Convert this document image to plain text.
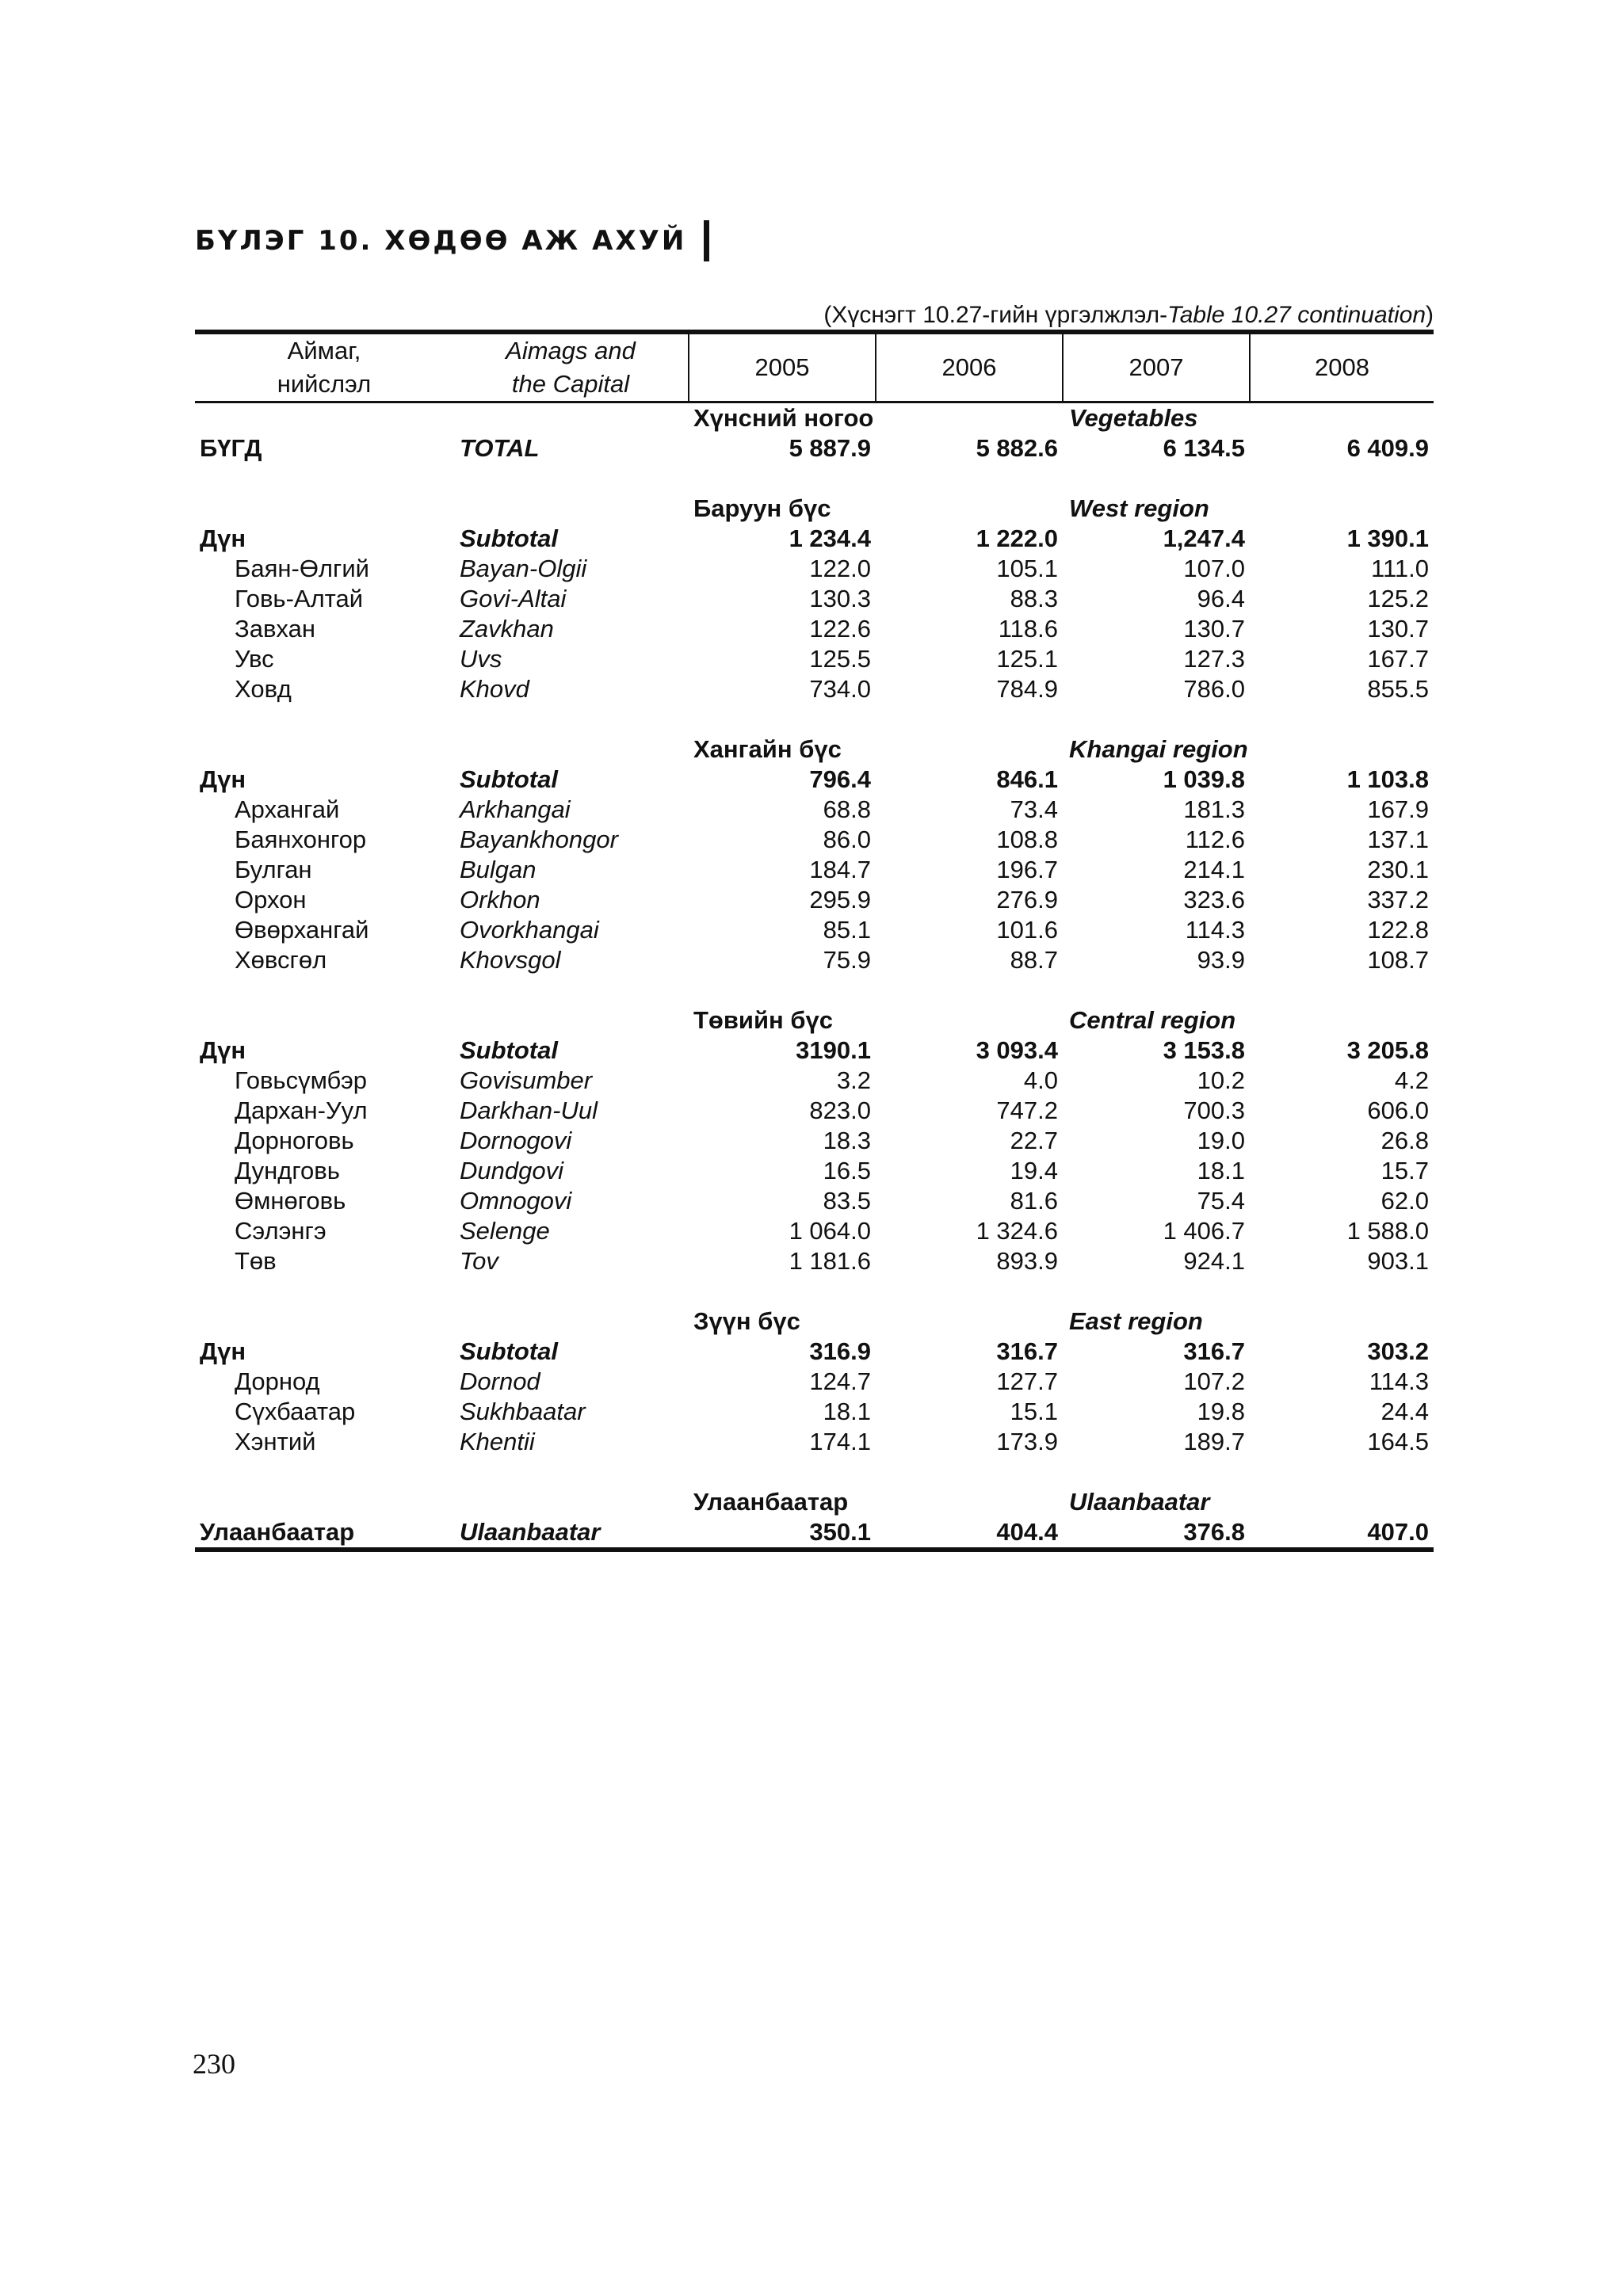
БҮЛЭГ 10. ХӨДӨӨ АЖ АХУЙ
(Хүснэгт 10.27-гийн үргэлжлэл-Table 10.27 continuation)
Аймаг,
нийслэл	Aimags and
the Capital	2005	2006	2007	2008

		Хүнсний ногоо		Vegetables	
БҮГД	TOTAL	5 887.9	5 882.6	6 134.5	6 409.9

		Баруун бүс		West region	
Дүн	Subtotal	1 234.4	1 222.0	1,247.4	1 390.1
Баян-Өлгий	Bayan-Olgii	122.0	105.1	107.0	111.0
Говь-Алтай	Govi-Altai	130.3	88.3	96.4	125.2
Завхан	Zavkhan	122.6	118.6	130.7	130.7
Увс	Uvs	125.5	125.1	127.3	167.7
Ховд	Khovd	734.0	784.9	786.0	855.5

		Хангайн бүс		Khangai region	
Дүн	Subtotal	796.4	846.1	1 039.8	1 103.8
Архангай	Arkhangai	68.8	73.4	181.3	167.9
Баянхонгор	Bayankhongor	86.0	108.8	112.6	137.1
Булган	Bulgan	184.7	196.7	214.1	230.1
Орхон	Orkhon	295.9	276.9	323.6	337.2
Өвөрхангай	Ovorkhangai	85.1	101.6	114.3	122.8
Хөвсгөл	Khovsgol	75.9	88.7	93.9	108.7

		Төвийн бүс		Central region	
Дүн	Subtotal	3190.1	3 093.4	3 153.8	3 205.8
Говьсүмбэр	Govisumber	3.2	4.0	10.2	4.2
Дархан-Уул	Darkhan-Uul	823.0	747.2	700.3	606.0
Дорноговь	Dornogovi	18.3	22.7	19.0	26.8
Дундговь	Dundgovi	16.5	19.4	18.1	15.7
Өмнөговь	Omnogovi	83.5	81.6	75.4	62.0
Сэлэнгэ	Selenge	1 064.0	1 324.6	1 406.7	1 588.0
Төв	Tov	1 181.6	893.9	924.1	903.1

		Зүүн бүс		East region	
Дүн	Subtotal	316.9	316.7	316.7	303.2
Дорнод	Dornod	124.7	127.7	107.2	114.3
Сүхбаатар	Sukhbaatar	18.1	15.1	19.8	24.4
Хэнтий	Khentii	174.1	173.9	189.7	164.5

		Улаанбаатар		Ulaanbaatar	
Улаанбаатар	Ulaanbaatar	350.1	404.4	376.8	407.0
230
